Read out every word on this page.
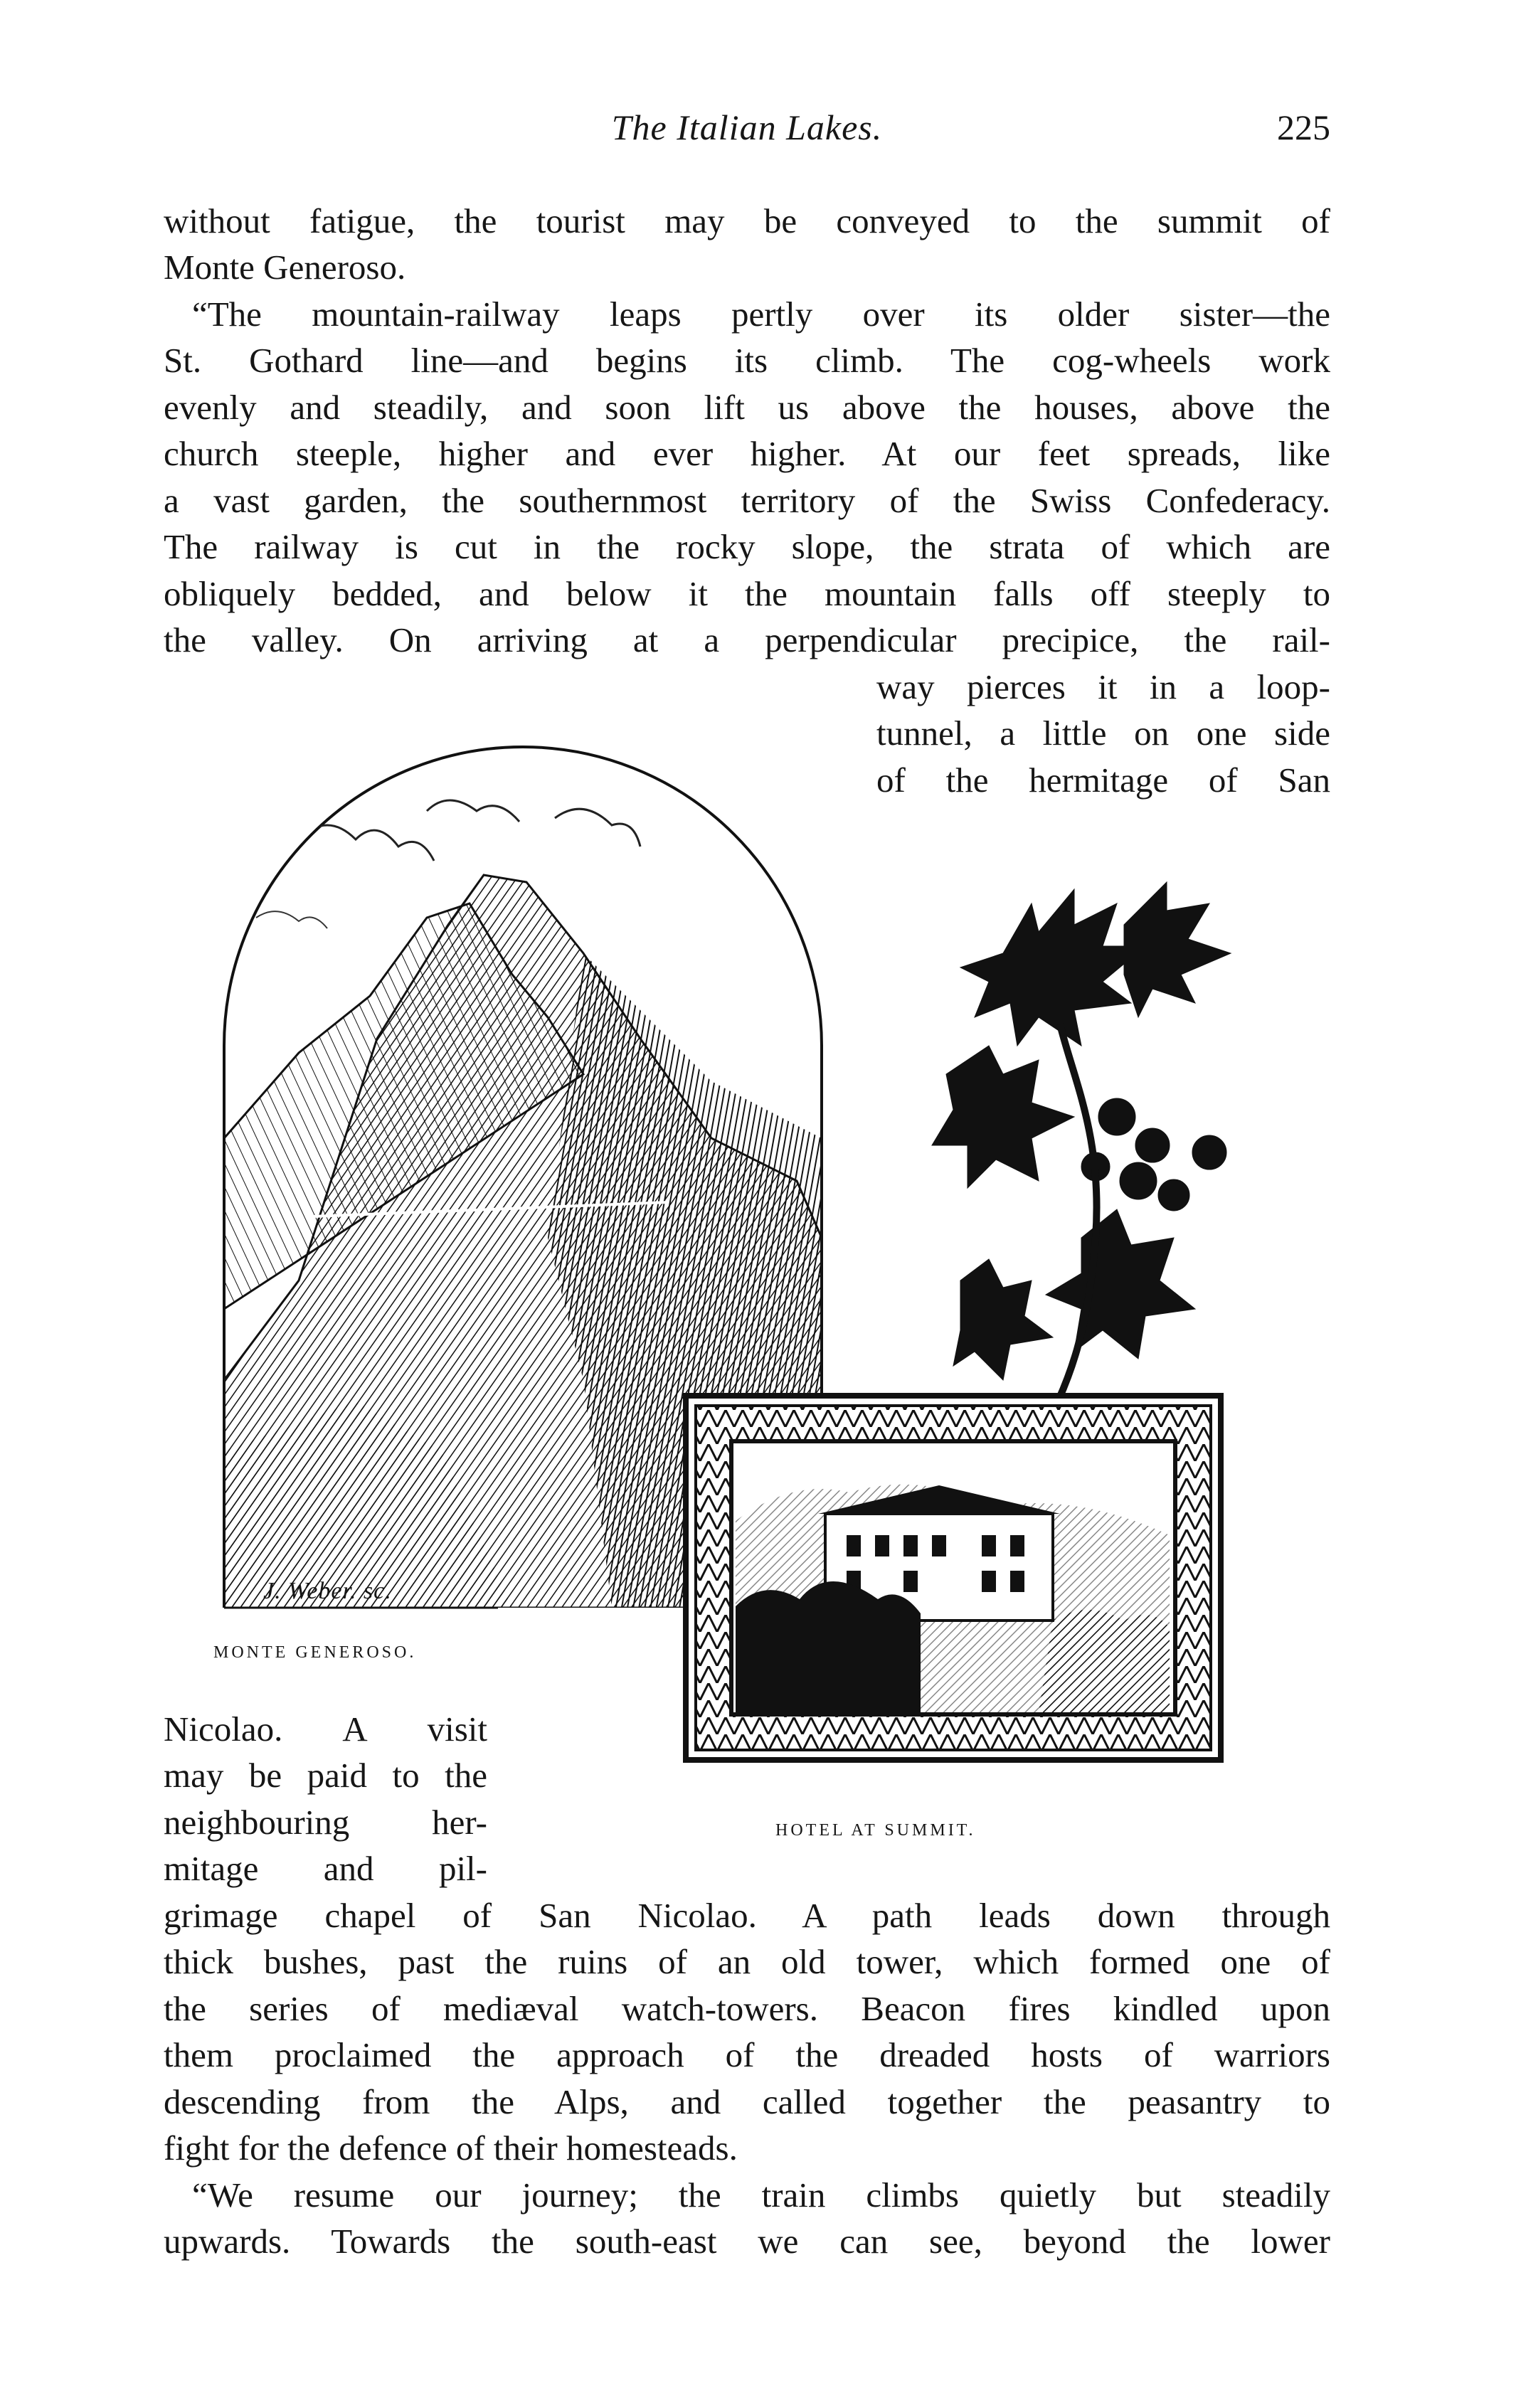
The Italian Lakes.	225

without fatigue, the tourist may be conveyed to the summit of

Monte Generoso.

“The mountain-railway leaps pertly over its older sister—the

St. Gothard line—and begins its climb. The cog-wheels work

evenly and steadily, and soon lift us above the houses, above the

church steeple, higher and ever higher. At our feet spreads, like

a vast garden, the southernmost territory of the Swiss Confederacy.

The railway is cut in the rocky slope, the strata of which are

obliquely bedded, and below it the mountain falls off steeply to

the valley. On arriving at a perpendicular precipice, the rail-

way pierces it in a loop-

tunnel, a little on one side

of the hermitage of San

J. Weber. sc.
MONTE GENEROSO.
HOTEL AT SUMMIT.

Nicolao. A visit

may be paid to the

neighbouring her-

mitage and pil-

grimage chapel of San Nicolao. A path leads down through

thick bushes, past the ruins of an old tower, which formed one of

the series of mediæval watch-towers. Beacon fires kindled upon

them proclaimed the approach of the dreaded hosts of warriors

descending from the Alps, and called together the peasantry to

fight for the defence of their homesteads.

“We resume our journey; the train climbs quietly but steadily

upwards. Towards the south-east we can see, beyond the lower
